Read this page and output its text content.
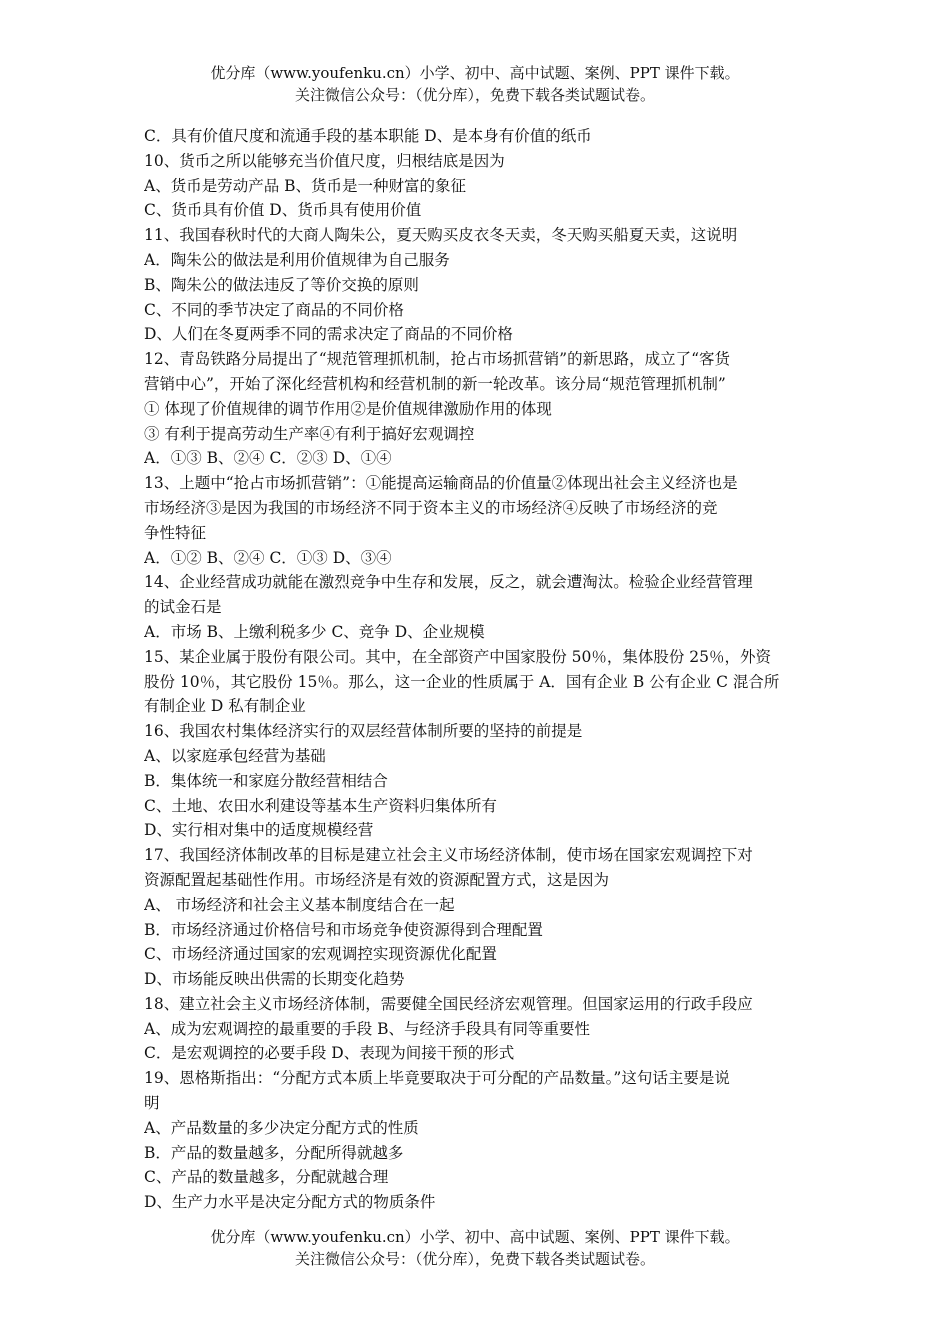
优分库（www.youfenku.cn）小学、初中、高中试题、案例、PPT 课件下载。
关注微信公众号：（优分库），免费下载各类试题试卷。
C．具有价值尺度和流通手段的基本职能 D、是本身有价值的纸币
10、货币之所以能够充当价值尺度，归根结底是因为
A、货币是劳动产品 B、货币是一种财富的象征
C、货币具有价值 D、货币具有使用价值
11、我国春秋时代的大商人陶朱公，夏天购买皮衣冬天卖，冬天购买船夏天卖，这说明
A．陶朱公的做法是利用价值规律为自己服务
B、陶朱公的做法违反了等价交换的原则
C、不同的季节决定了商品的不同价格
D、人们在冬夏两季不同的需求决定了商品的不同价格
12、青岛铁路分局提出了“规范管理抓机制，抢占市场抓营销”的新思路，成立了“客货
营销中心”，开始了深化经营机构和经营机制的新一轮改革。该分局“规范管理抓机制”
① 体现了价值规律的调节作用②是价值规律激励作用的体现
③ 有利于提高劳动生产率④有利于搞好宏观调控
A．①③ B、②④ C．②③ D、①④
13、上题中“抢占市场抓营销”：①能提高运输商品的价值量②体现出社会主义经济也是
市场经济③是因为我国的市场经济不同于资本主义的市场经济④反映了市场经济的竞
争性特征
A．①② B、②④ C．①③ D、③④
14、企业经营成功就能在激烈竞争中生存和发展，反之，就会遭淘汰。检验企业经营管理
的试金石是
A．市场 B、上缴利税多少 C、竞争 D、企业规模
15、某企业属于股份有限公司。其中，在全部资产中国家股份 50％，集体股份 25％，外资
股份 10％，其它股份 15％。那么，这一企业的性质属于 A．国有企业 B 公有企业 C 混合所
有制企业 D 私有制企业
16、我国农村集体经济实行的双层经营体制所要的坚持的前提是
A、以家庭承包经营为基础
B．集体统一和家庭分散经营相结合
C、土地、农田水利建设等基本生产资料归集体所有
D、实行相对集中的适度规模经营
17、我国经济体制改革的目标是建立社会主义市场经济体制，使市场在国家宏观调控下对
资源配置起基础性作用。市场经济是有效的资源配置方式，这是因为
A、 市场经济和社会主义基本制度结合在一起
B．市场经济通过价格信号和市场竞争使资源得到合理配置
C、市场经济通过国家的宏观调控实现资源优化配置
D、市场能反映出供需的长期变化趋势
18、建立社会主义市场经济体制，需要健全国民经济宏观管理。但国家运用的行政手段应
A、成为宏观调控的最重要的手段 B、与经济手段具有同等重要性
C．是宏观调控的必要手段 D、表现为间接干预的形式
19、恩格斯指出：“分配方式本质上毕竟要取决于可分配的产品数量。”这句话主要是说
明
A、产品数量的多少决定分配方式的性质
B．产品的数量越多，分配所得就越多
C、产品的数量越多，分配就越合理
D、生产力水平是决定分配方式的物质条件
优分库（www.youfenku.cn）小学、初中、高中试题、案例、PPT 课件下载。
关注微信公众号：（优分库），免费下载各类试题试卷。
